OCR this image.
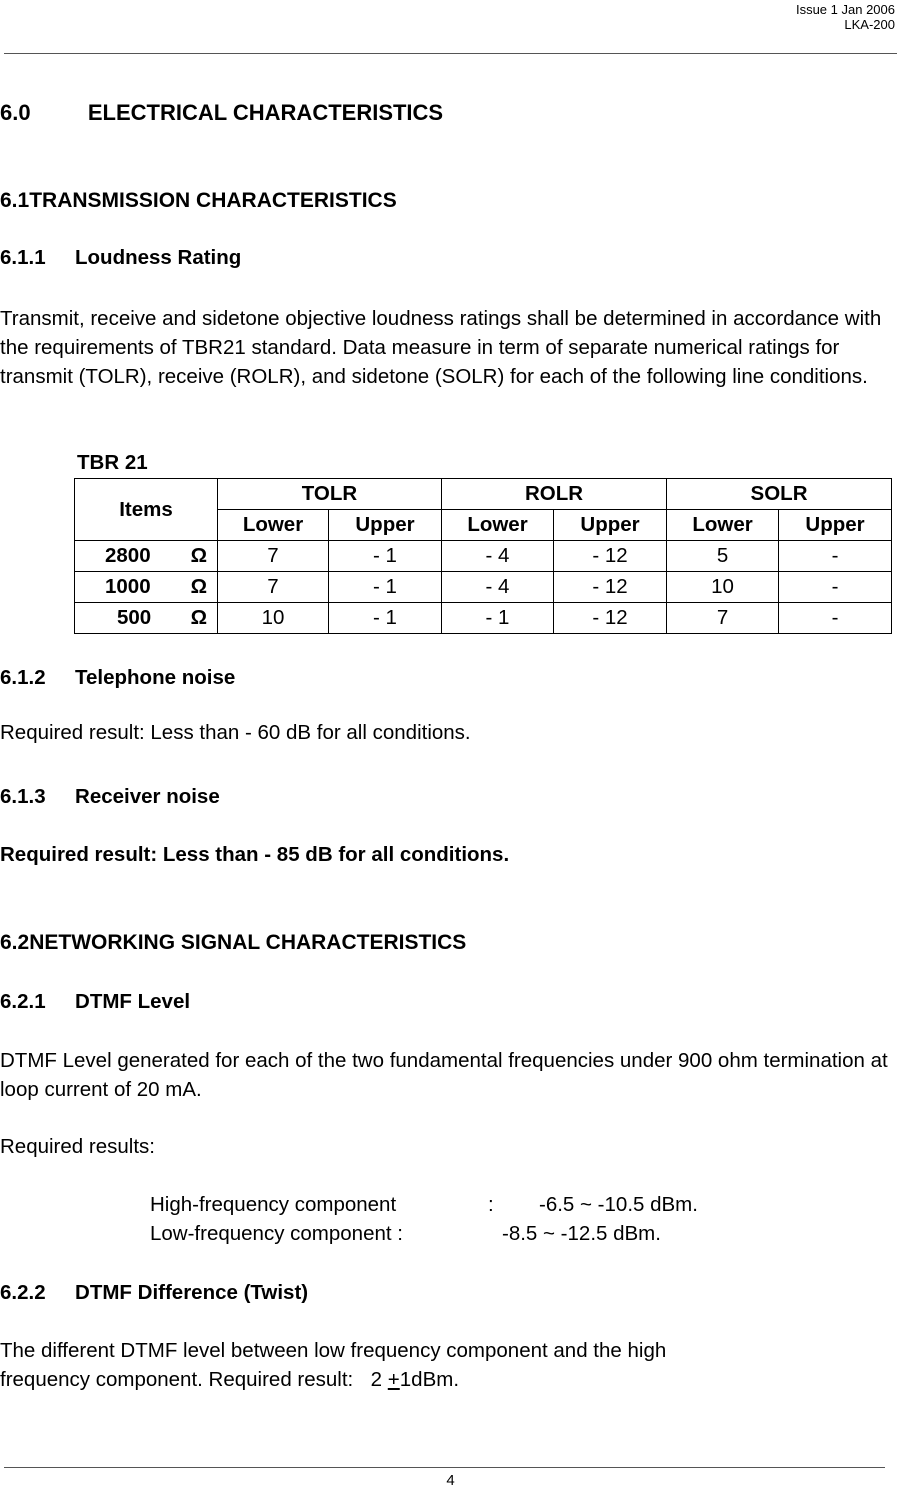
Issue 1 Jan 2006
LKA-200
6.0	ELECTRICAL CHARACTERISTICS
6.1TRANSMISSION CHARACTERISTICS
6.1.1 Loudness Rating
Transmit, receive and sidetone objective loudness ratings shall be determined in accordance with the requirements of TBR21 standard. Data measure in term of separate numerical ratings for transmit (TOLR), receive (ROLR), and sidetone (SOLR) for each of the following line conditions.
TBR 21
Items	TOLR		ROLR		SOLR	
	Lower	Upper	Lower	Upper	Lower	Upper
2800 Ω	7	- 1	- 4	- 12	5	-
1000 Ω	7	- 1	- 4	- 12	10	-
500 Ω	10	- 1	- 1	- 12	7	-
6.1.2 Telephone noise
Required result: Less than - 60 dB for all conditions.
6.1.3 Receiver noise
Required result: Less than - 85 dB for all conditions.
6.2NETWORKING SIGNAL CHARACTERISTICS
6.2.1 DTMF Level
DTMF Level generated for each of the two fundamental frequencies under 900 ohm termination at loop current of 20 mA.
Required results:
High-frequency component	: -6.5 ~ -10.5 dBm.
Low-frequency component :	-8.5 ~ -12.5 dBm.
6.2.2 DTMF Difference (Twist)
The different DTMF level between low frequency component and the high
frequency component. Required result: 2 +1dBm.
4
